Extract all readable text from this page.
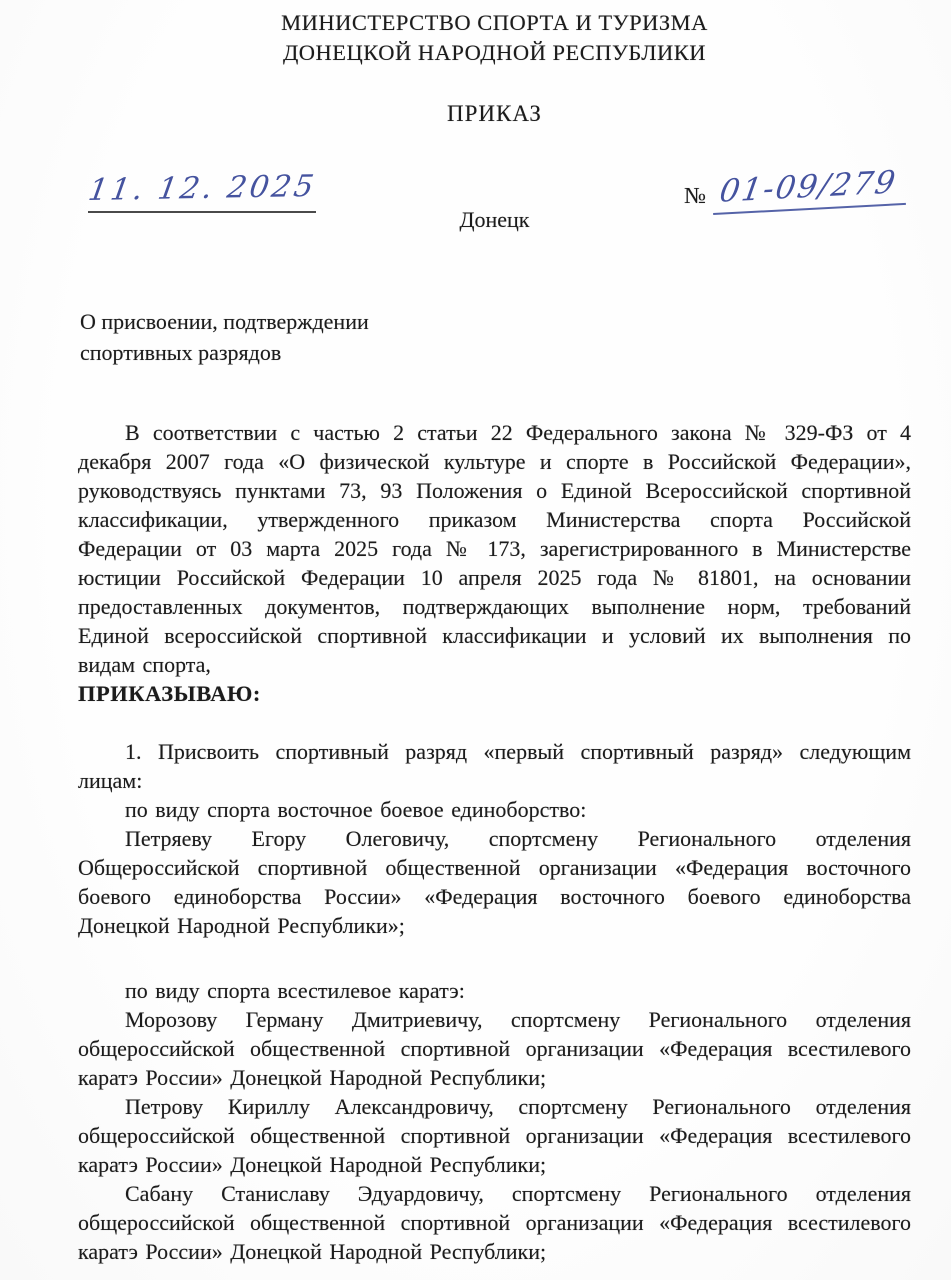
МИНИСТЕРСТВО СПОРТА И ТУРИЗМА
ДОНЕЦКОЙ НАРОДНОЙ РЕСПУБЛИКИ
ПРИКАЗ
11. 12. 2025
Донецк
№ 01-09/279
О присвоении, подтверждении
спортивных разрядов

В соответствии с частью 2 статьи 22 Федерального закона № 329-ФЗ от 4 декабря 2007 года «О физической культуре и спорте в Российской Федерации», руководствуясь пунктами 73, 93 Положения о Единой Всероссийской спортивной классификации, утвержденного приказом Министерства спорта Российской Федерации от 03 марта 2025 года № 173, зарегистрированного в Министерстве юстиции Российской Федерации 10 апреля 2025 года № 81801, на основании предоставленных документов, подтверждающих выполнение норм, требований Единой всероссийской спортивной классификации и условий их выполнения по видам спорта,

ПРИКАЗЫВАЮ:

1. Присвоить спортивный разряд «первый спортивный разряд» следующим лицам:

по виду спорта восточное боевое единоборство:

Петряеву Егору Олеговичу, спортсмену Регионального отделения Общероссийской спортивной общественной организации «Федерация восточного боевого единоборства России» «Федерация восточного боевого единоборства Донецкой Народной Республики»;

по виду спорта всестилевое каратэ:

Морозову Герману Дмитриевичу, спортсмену Регионального отделения общероссийской общественной спортивной организации «Федерация всестилевого каратэ России» Донецкой Народной Республики;

Петрову Кириллу Александровичу, спортсмену Регионального отделения общероссийской общественной спортивной организации «Федерация всестилевого каратэ России» Донецкой Народной Республики;

Сабану Станиславу Эдуардовичу, спортсмену Регионального отделения общероссийской общественной спортивной организации «Федерация всестилевого каратэ России» Донецкой Народной Республики;
